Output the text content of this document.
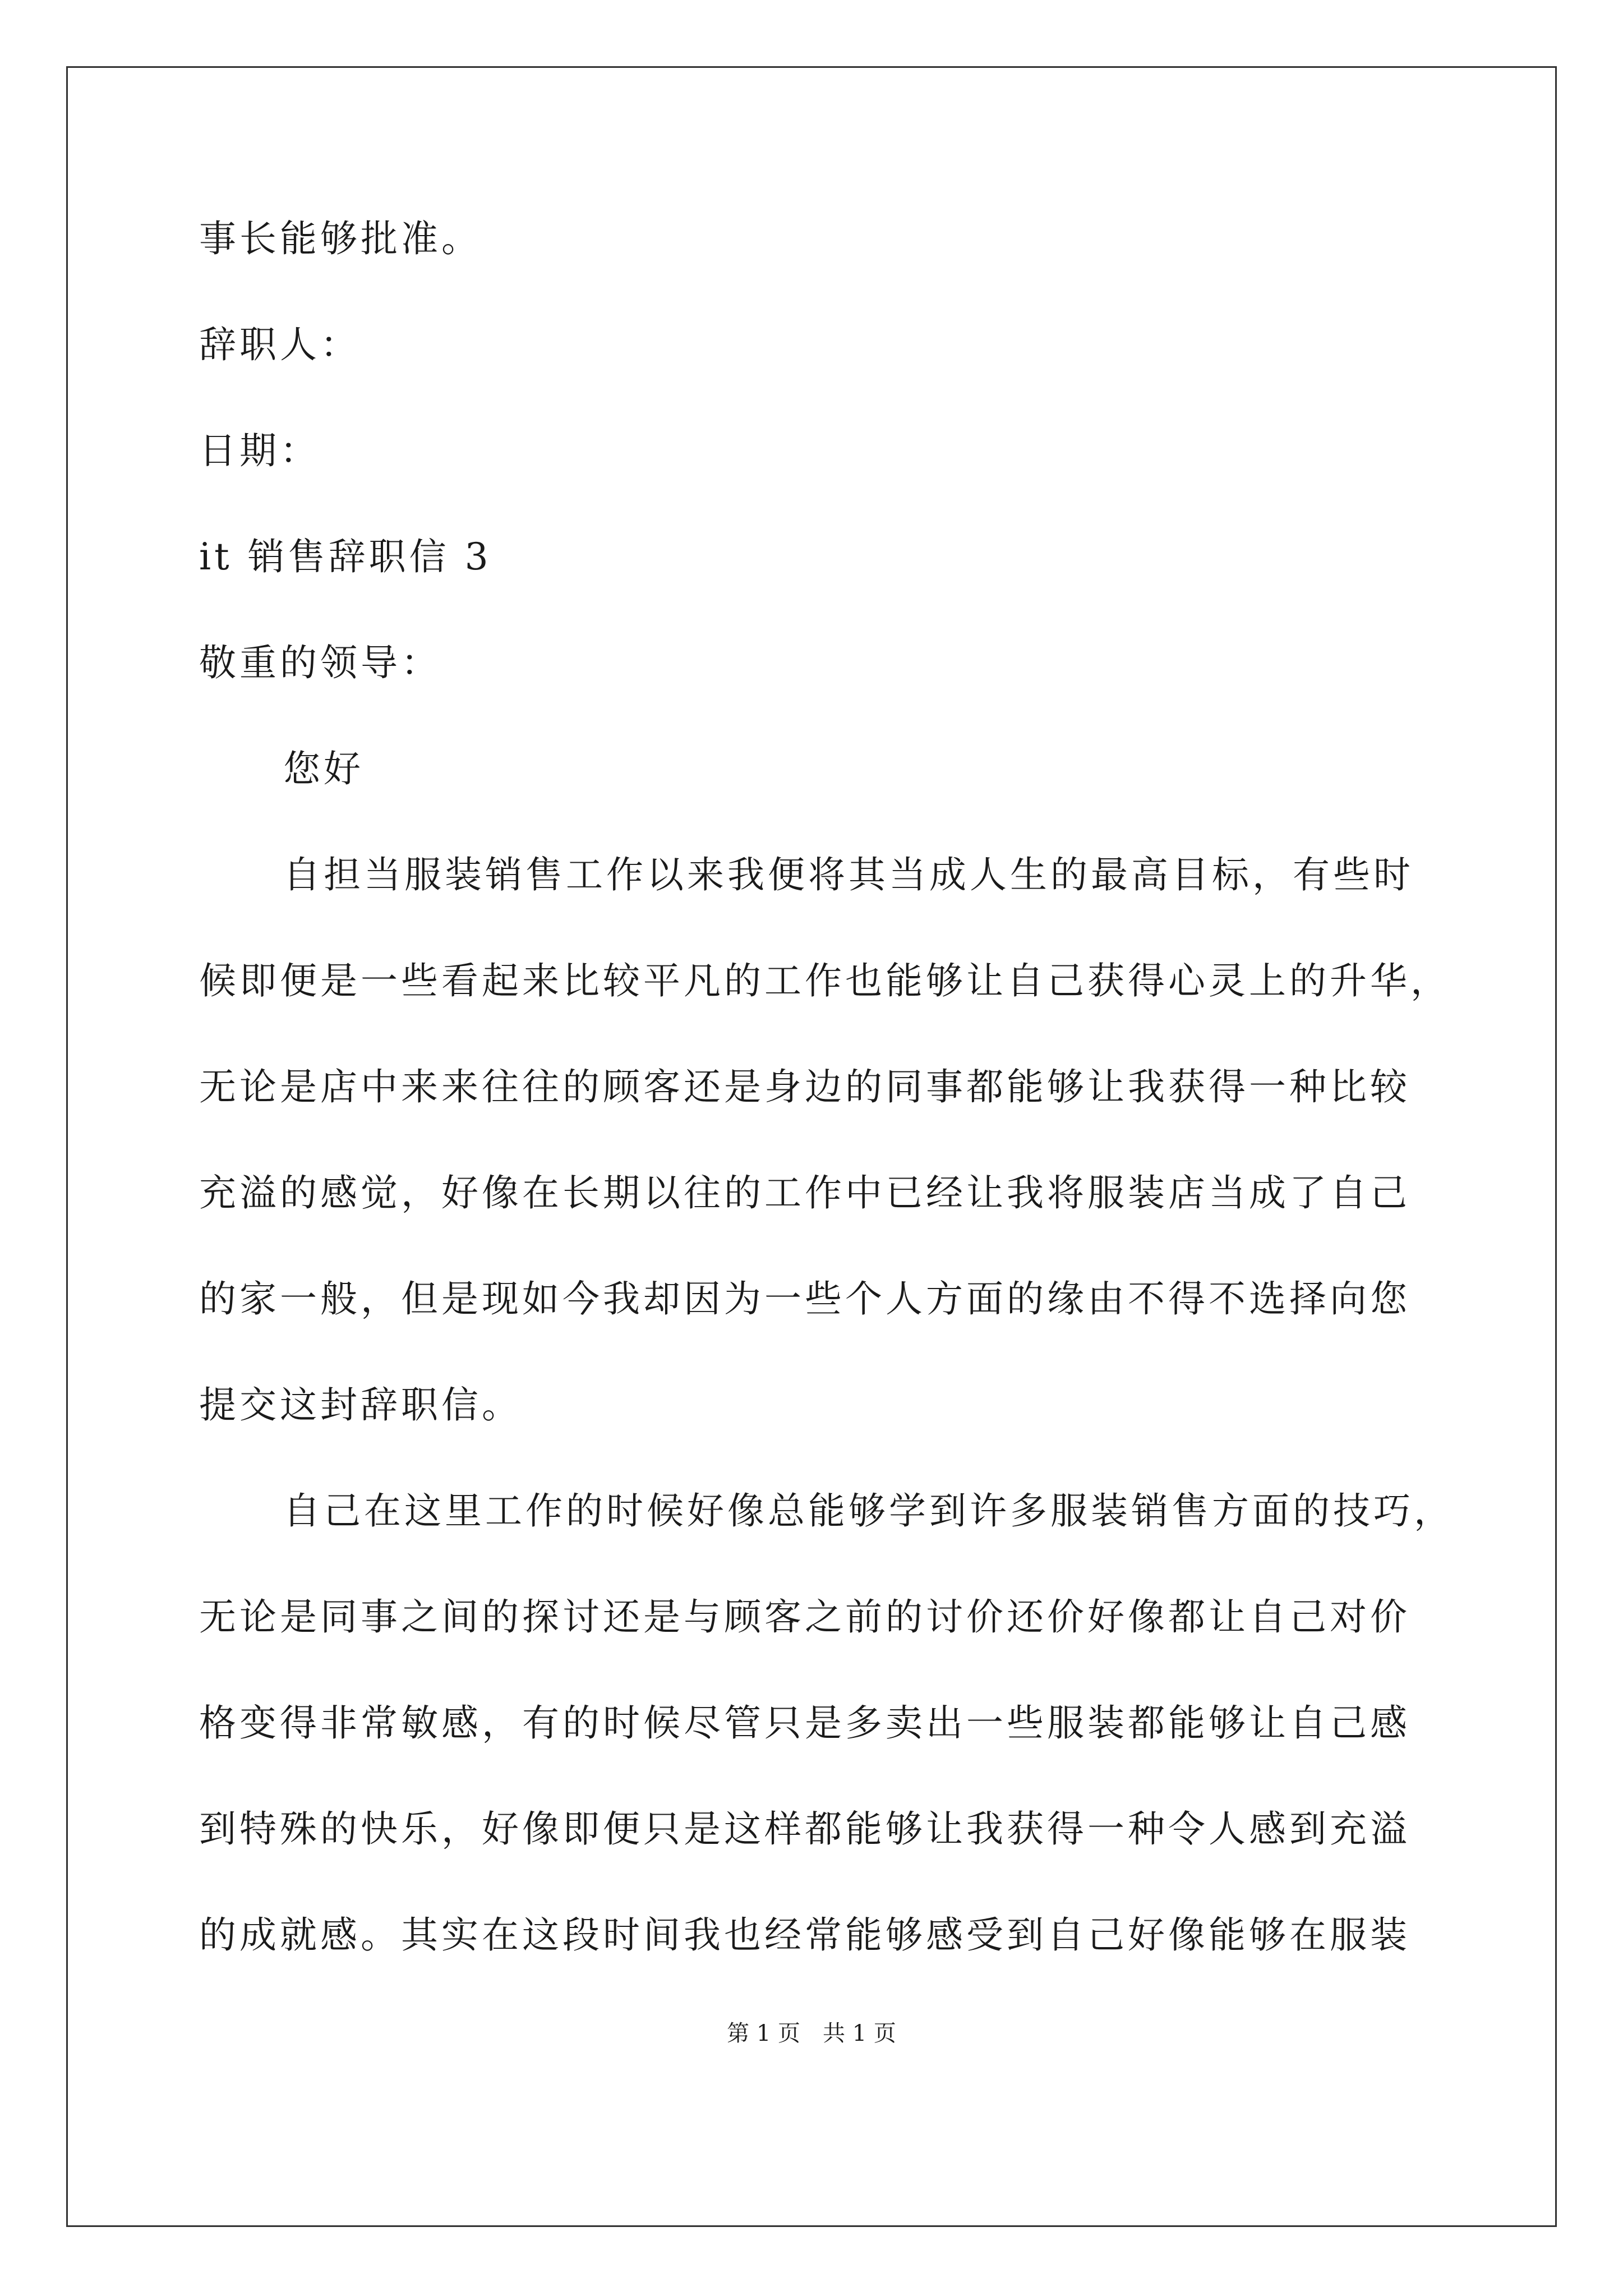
事长能够批准。
辞职人：
日期：
it 销售辞职信 3
敬重的领导：
您好
自担当服装销售工作以来我便将其当成人生的最高目标，有些时
候即便是一些看起来比较平凡的工作也能够让自己获得心灵上的升华，
无论是店中来来往往的顾客还是身边的同事都能够让我获得一种比较
充溢的感觉，好像在长期以往的工作中已经让我将服装店当成了自己
的家一般，但是现如今我却因为一些个人方面的缘由不得不选择向您
提交这封辞职信。
自己在这里工作的时候好像总能够学到许多服装销售方面的技巧，
无论是同事之间的探讨还是与顾客之前的讨价还价好像都让自己对价
格变得非常敏感，有的时候尽管只是多卖出一些服装都能够让自己感
到特殊的快乐，好像即便只是这样都能够让我获得一种令人感到充溢
的成就感。其实在这段时间我也经常能够感受到自己好像能够在服装
第 1 页　共 1 页
